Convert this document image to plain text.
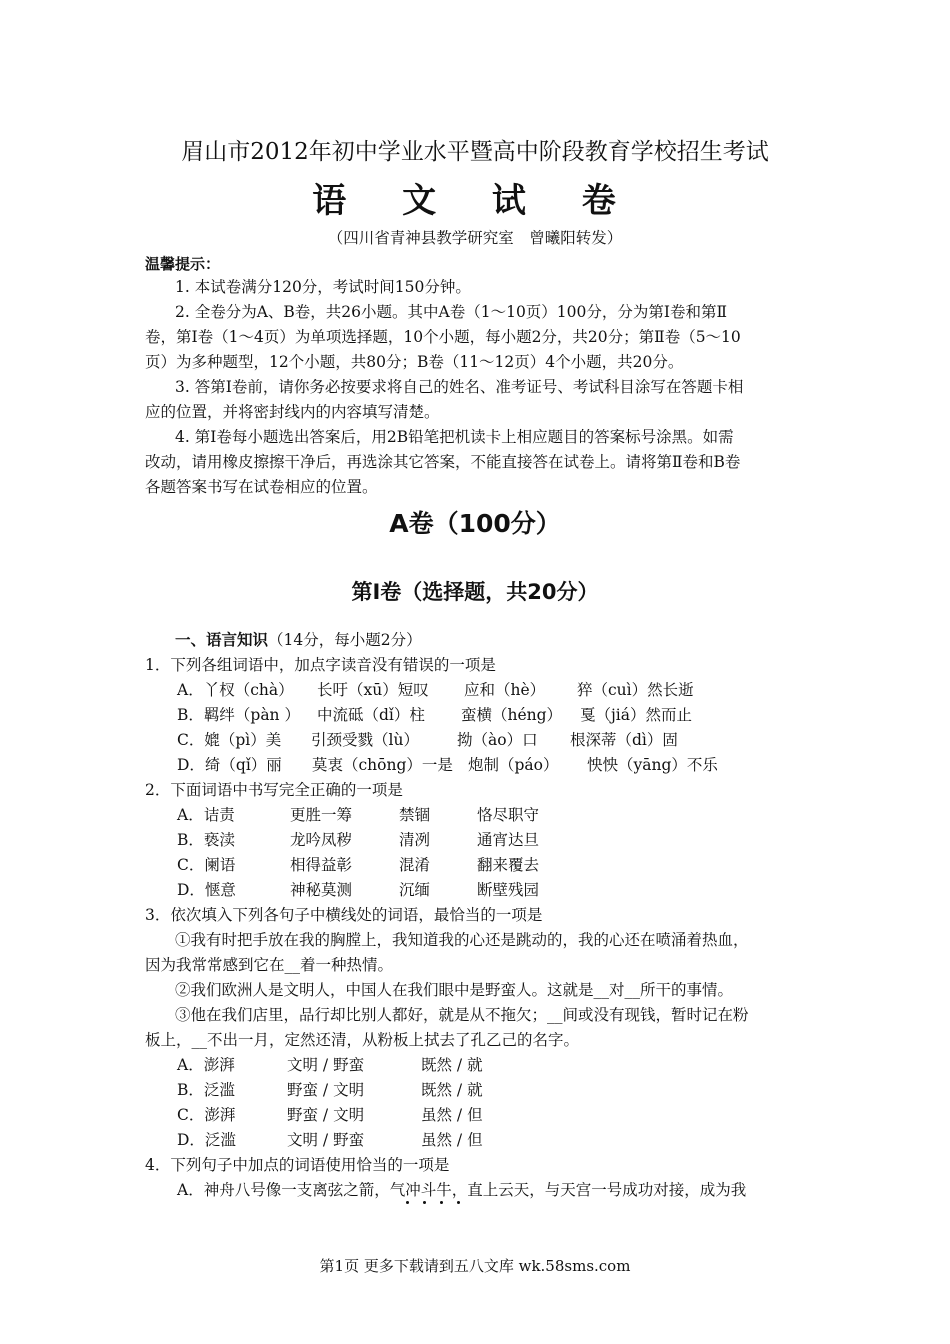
眉山市2012年初中学业水平暨高中阶段教育学校招生考试
语 文 试 卷
（四川省青神县教学研究室　曾曦阳转发）
温馨提示：
1. 本试卷满分120分，考试时间150分钟。
2. 全卷分为A、B卷，共26小题。其中A卷（1～10页）100分，分为第Ⅰ卷和第Ⅱ
卷，第Ⅰ卷（1～4页）为单项选择题，10个小题，每小题2分，共20分；第Ⅱ卷（5～10
页）为多种题型，12个小题，共80分；B卷（11～12页）4个小题，共20分。
3. 答第Ⅰ卷前，请你务必按要求将自己的姓名、准考证号、考试科目涂写在答题卡相
应的位置，并将密封线内的内容填写清楚。
4. 第Ⅰ卷每小题选出答案后，用2B铅笔把机读卡上相应题目的答案标号涂黑。如需
改动，请用橡皮擦擦干净后，再选涂其它答案，不能直接答在试卷上。请将第Ⅱ卷和B卷
各题答案书写在试卷相应的位置。
A卷（100分）
第Ⅰ卷（选择题，共20分）
一、语言知识（14分，每小题2分）
1．下列各组词语中，加点字读音没有错误的一项是
A．丫杈（chà） 长吁（xū）短叹 应和（hè） 猝（cuì）然长逝
B．羁绊（pàn ） 中流砥（dǐ）柱 蛮横（héng） 戛（jiá）然而止
C．媲（pì）美 引颈受戮（lù） 拗（ào）口 根深蒂（dì）固
D．绮（qǐ）丽 莫衷（chōng）一是 炮制（páo） 怏怏（yāng）不乐
2．下面词语中书写完全正确的一项是
A．诘责	更胜一筹	禁锢	恪尽职守
B．亵渎	龙吟凤秽	清冽	通宵达旦
C．阑语	相得益彰	混淆	翻来覆去
D．惬意	神秘莫测	沉缅	断壁残园
3．依次填入下列各句子中横线处的词语，最恰当的一项是
①我有时把手放在我的胸膛上，我知道我的心还是跳动的，我的心还在喷涌着热血，
因为我常常感到它在__着一种热情。
②我们欧洲人是文明人，中国人在我们眼中是野蛮人。这就是__对__所干的事情。
③他在我们店里，品行却比别人都好，就是从不拖欠；__间或没有现钱，暂时记在粉
板上，__不出一月，定然还清，从粉板上拭去了孔乙己的名字。
A．澎湃	文明 / 野蛮	既然 / 就
B．泛滥	野蛮 / 文明	既然 / 就
C．澎湃	野蛮 / 文明	虽然 / 但
D．泛滥	文明 / 野蛮	虽然 / 但
4．下列句子中加点的词语使用恰当的一项是
A．神舟八号像一支离弦之箭，气冲斗牛，直上云天，与天宫一号成功对接，成为我
第1页 更多下载请到五八文库 wk.58sms.com
